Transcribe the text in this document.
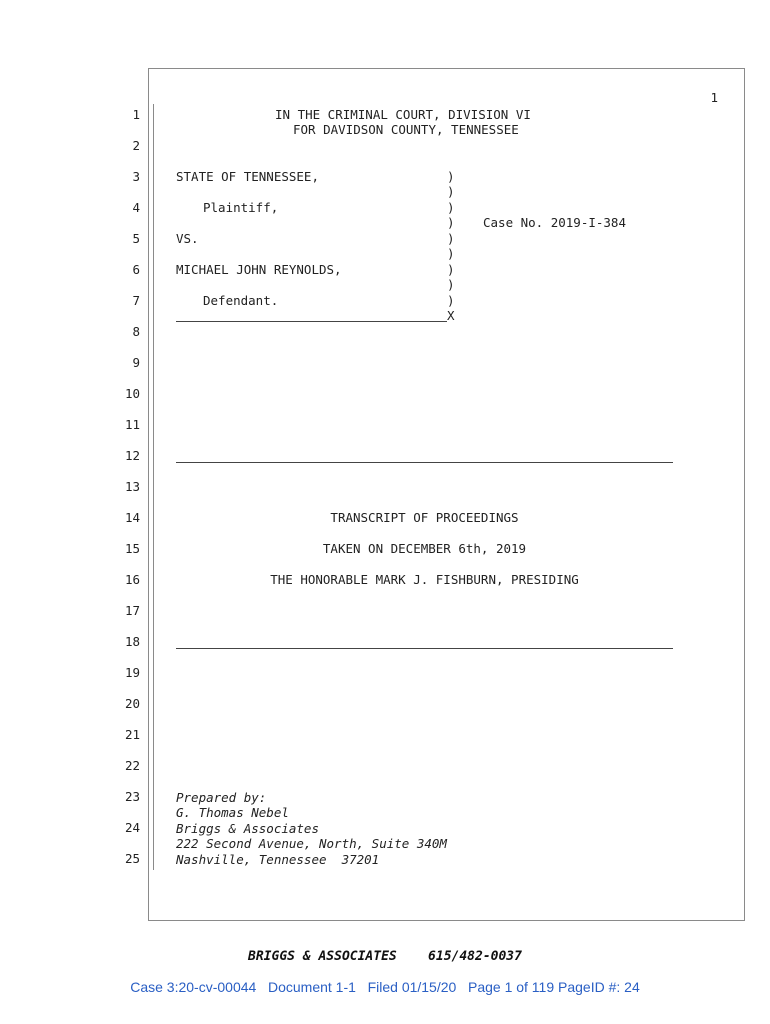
1
1
2
3
4
5
6
7
8
9
10
11
12
13
14
15
16
17
18
19
20
21
22
23
24
25
IN THE CRIMINAL COURT, DIVISION VI
FOR DAVIDSON COUNTY, TENNESSEE
STATE OF TENNESSEE,
Plaintiff,
VS.
MICHAEL JOHN REYNOLDS,
Defendant.
Case No. 2019-I-384
)
)
)
)
)
)
)
)
)
X
TRANSCRIPT OF PROCEEDINGS
TAKEN ON DECEMBER 6th, 2019
THE HONORABLE MARK J. FISHBURN, PRESIDING
Prepared by:
G. Thomas Nebel
Briggs & Associates
222 Second Avenue, North, Suite 340M
Nashville, Tennessee  37201
BRIGGS & ASSOCIATES    615/482-0037
Case 3:20-cv-00044   Document 1-1   Filed 01/15/20   Page 1 of 119 PageID #: 24
